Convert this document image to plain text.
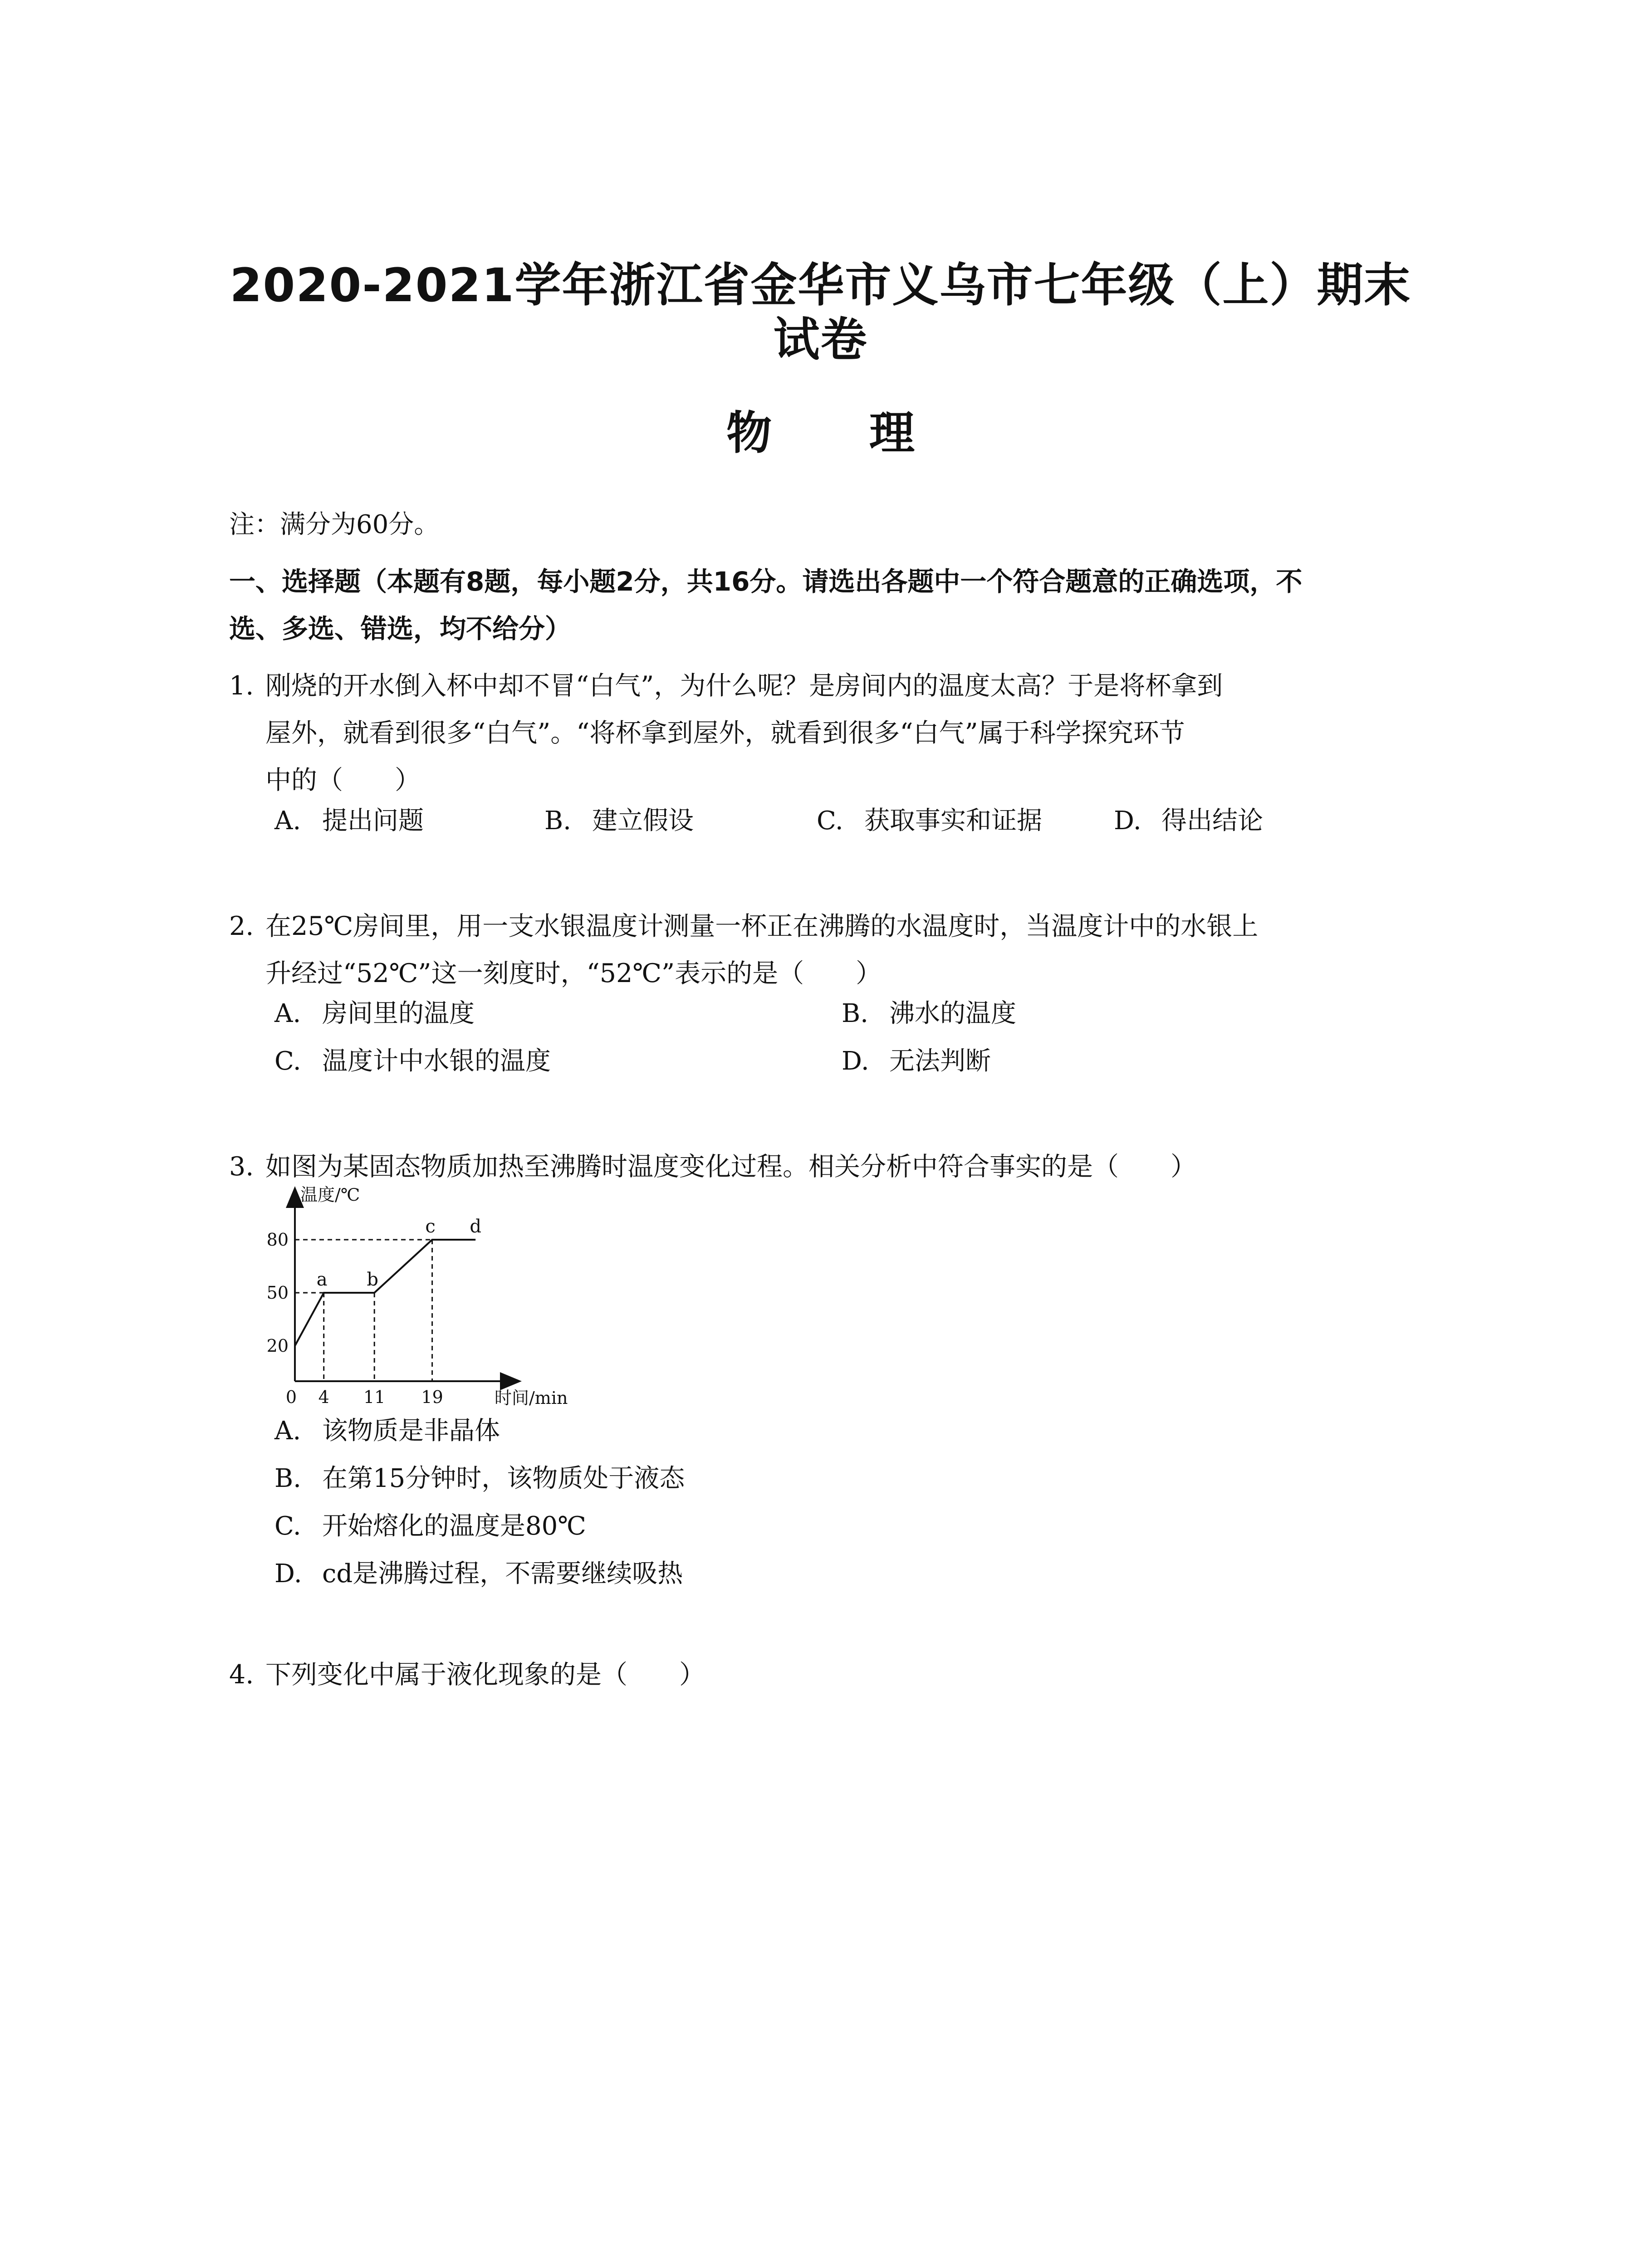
2020-2021学年浙江省金华市义乌市七年级（上）期末
试卷
物 理
注：满分为60分。
一、选择题（本题有8题，每小题2分，共16分。请选出各题中一个符合题意的正确选项，不
选、多选、错选，均不给分）
1. 刚烧的开水倒入杯中却不冒“白气”，为什么呢？是房间内的温度太高？于是将杯拿到
屋外，就看到很多“白气”。“将杯拿到屋外，就看到很多“白气”属于科学探究环节
中的（　　）
A. 提出问题	B. 建立假设	C. 获取事实和证据	D. 得出结论
2. 在25℃房间里，用一支水银温度计测量一杯正在沸腾的水温度时，当温度计中的水银上
升经过“52℃”这一刻度时，“52℃”表示的是（　　）
A. 房间里的温度	B. 沸水的温度
C. 温度计中水银的温度	D. 无法判断
3. 如图为某固态物质加热至沸腾时温度变化过程。相关分析中符合事实的是（　　）
温度/℃
时间/min
0 4 11 19
20
50
80
a b
c d
A. 该物质是非晶体
B. 在第15分钟时，该物质处于液态
C. 开始熔化的温度是80℃
D. cd是沸腾过程，不需要继续吸热
4. 下列变化中属于液化现象的是（　　）
